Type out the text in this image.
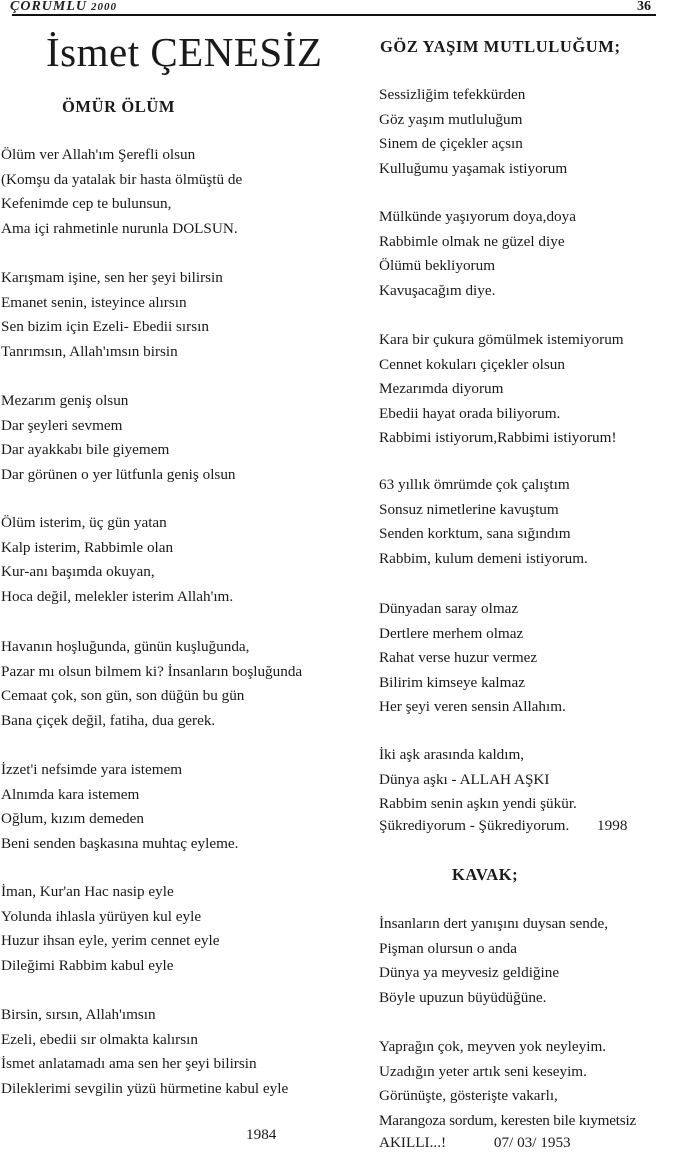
ÇORUMLU 2000	36
İsmet ÇENESİZ
ÖMÜR ÖLÜM
Ölüm ver Allah'ım Şerefli olsun
(Komşu da yatalak bir hasta ölmüştü de
Kefenimde cep te bulunsun,
Ama içi rahmetinle nurunla DOLSUN.
Karışmam işine, sen her şeyi bilirsin
Emanet senin, isteyince alırsın
Sen bizim için Ezeli- Ebedii sırsın
Tanrımsın, Allah'ımsın birsin
Mezarım geniş olsun
Dar şeyleri sevmem
Dar ayakkabı bile giyemem
Dar görünen o yer lütfunla geniş olsun
Ölüm isterim, üç gün yatan
Kalp isterim, Rabbimle olan
Kur-anı başımda okuyan,
Hoca değil, melekler isterim Allah'ım.
Havanın hoşluğunda, günün kuşluğunda,
Pazar mı olsun bilmem ki? İnsanların boşluğunda
Cemaat çok, son gün, son düğün bu gün
Bana çiçek değil, fatiha, dua gerek.
İzzet'i nefsimde yara istemem
Alnımda kara istemem
Oğlum, kızım demeden
Beni senden başkasına muhtaç eyleme.
İman, Kur'an Hac nasip eyle
Yolunda ihlasla yürüyen kul eyle
Huzur ihsan eyle, yerim cennet eyle
Dileğimi Rabbim kabul eyle
Birsin, sırsın, Allah'ımsın
Ezeli, ebedii sır olmakta kalırsın
İsmet anlatamadı ama sen her şeyi bilirsin
Dileklerimi sevgilin yüzü hürmetine kabul eyle
1984
GÖZ YAŞIM MUTLULUĞUM;
Sessizliğim tefekkürden
Göz yaşım mutluluğum
Sinem de çiçekler açsın
Kulluğumu yaşamak istiyorum
Mülkünde yaşıyorum doya,doya
Rabbimle olmak ne güzel diye
Ölümü bekliyorum
Kavuşacağım diye.
Kara bir çukura gömülmek istemiyorum
Cennet kokuları çiçekler olsun
Mezarımda diyorum
Ebedii hayat orada biliyorum.
Rabbimi istiyorum,Rabbimi istiyorum!
63 yıllık ömrümde çok çalıştım
Sonsuz nimetlerine kavuştum
Senden korktum, sana sığındım
Rabbim, kulum demeni istiyorum.
Dünyadan saray olmaz
Dertlere merhem olmaz
Rahat verse huzur vermez
Bilirim kimseye kalmaz
Her şeyi veren sensin Allahım.
İki aşk arasında kaldım,
Dünya aşkı - ALLAH AŞKI
Rabbim senin aşkın yendi şükür.
Şükrediyorum - Şükrediyorum. 1998
KAVAK;
İnsanların dert yanışını duysan sende,
Pişman olursun o anda
Dünya ya meyvesiz geldiğine
Böyle upuzun büyüdüğüne.
Yaprağın çok, meyven yok neyleyim.
Uzadığın yeter artık seni keseyim.
Görünüşte, gösterişte vakarlı,
Marangoza sordum, keresten bile kıymetsiz
AKILLI...!	07/ 03/ 1953
